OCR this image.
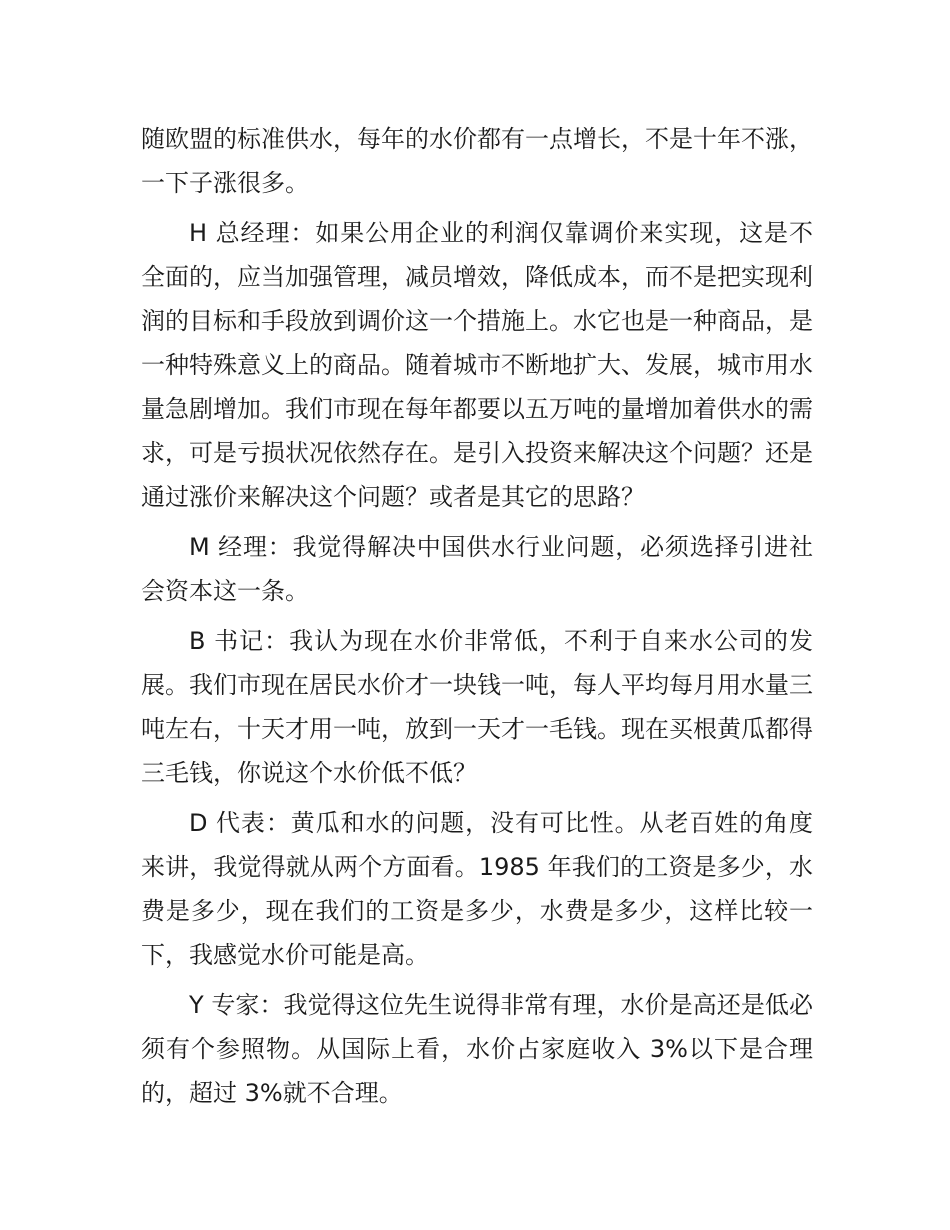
随欧盟的标准供水，每年的水价都有一点增长，不是十年不涨，一下子涨很多。

H 总经理：如果公用企业的利润仅靠调价来实现，这是不全面的，应当加强管理，减员增效，降低成本，而不是把实现利润的目标和手段放到调价这一个措施上。水它也是一种商品，是一种特殊意义上的商品。随着城市不断地扩大、发展，城市用水量急剧增加。我们市现在每年都要以五万吨的量增加着供水的需求，可是亏损状况依然存在。是引入投资来解决这个问题？还是通过涨价来解决这个问题？或者是其它的思路？

M 经理：我觉得解决中国供水行业问题，必须选择引进社会资本这一条。

B 书记：我认为现在水价非常低，不利于自来水公司的发展。我们市现在居民水价才一块钱一吨，每人平均每月用水量三吨左右，十天才用一吨，放到一天才一毛钱。现在买根黄瓜都得三毛钱，你说这个水价低不低？

D 代表：黄瓜和水的问题，没有可比性。从老百姓的角度来讲，我觉得就从两个方面看。1985 年我们的工资是多少，水费是多少，现在我们的工资是多少，水费是多少，这样比较一下，我感觉水价可能是高。

Y 专家：我觉得这位先生说得非常有理，水价是高还是低必须有个参照物。从国际上看，水价占家庭收入 3%以下是合理的，超过 3%就不合理。
